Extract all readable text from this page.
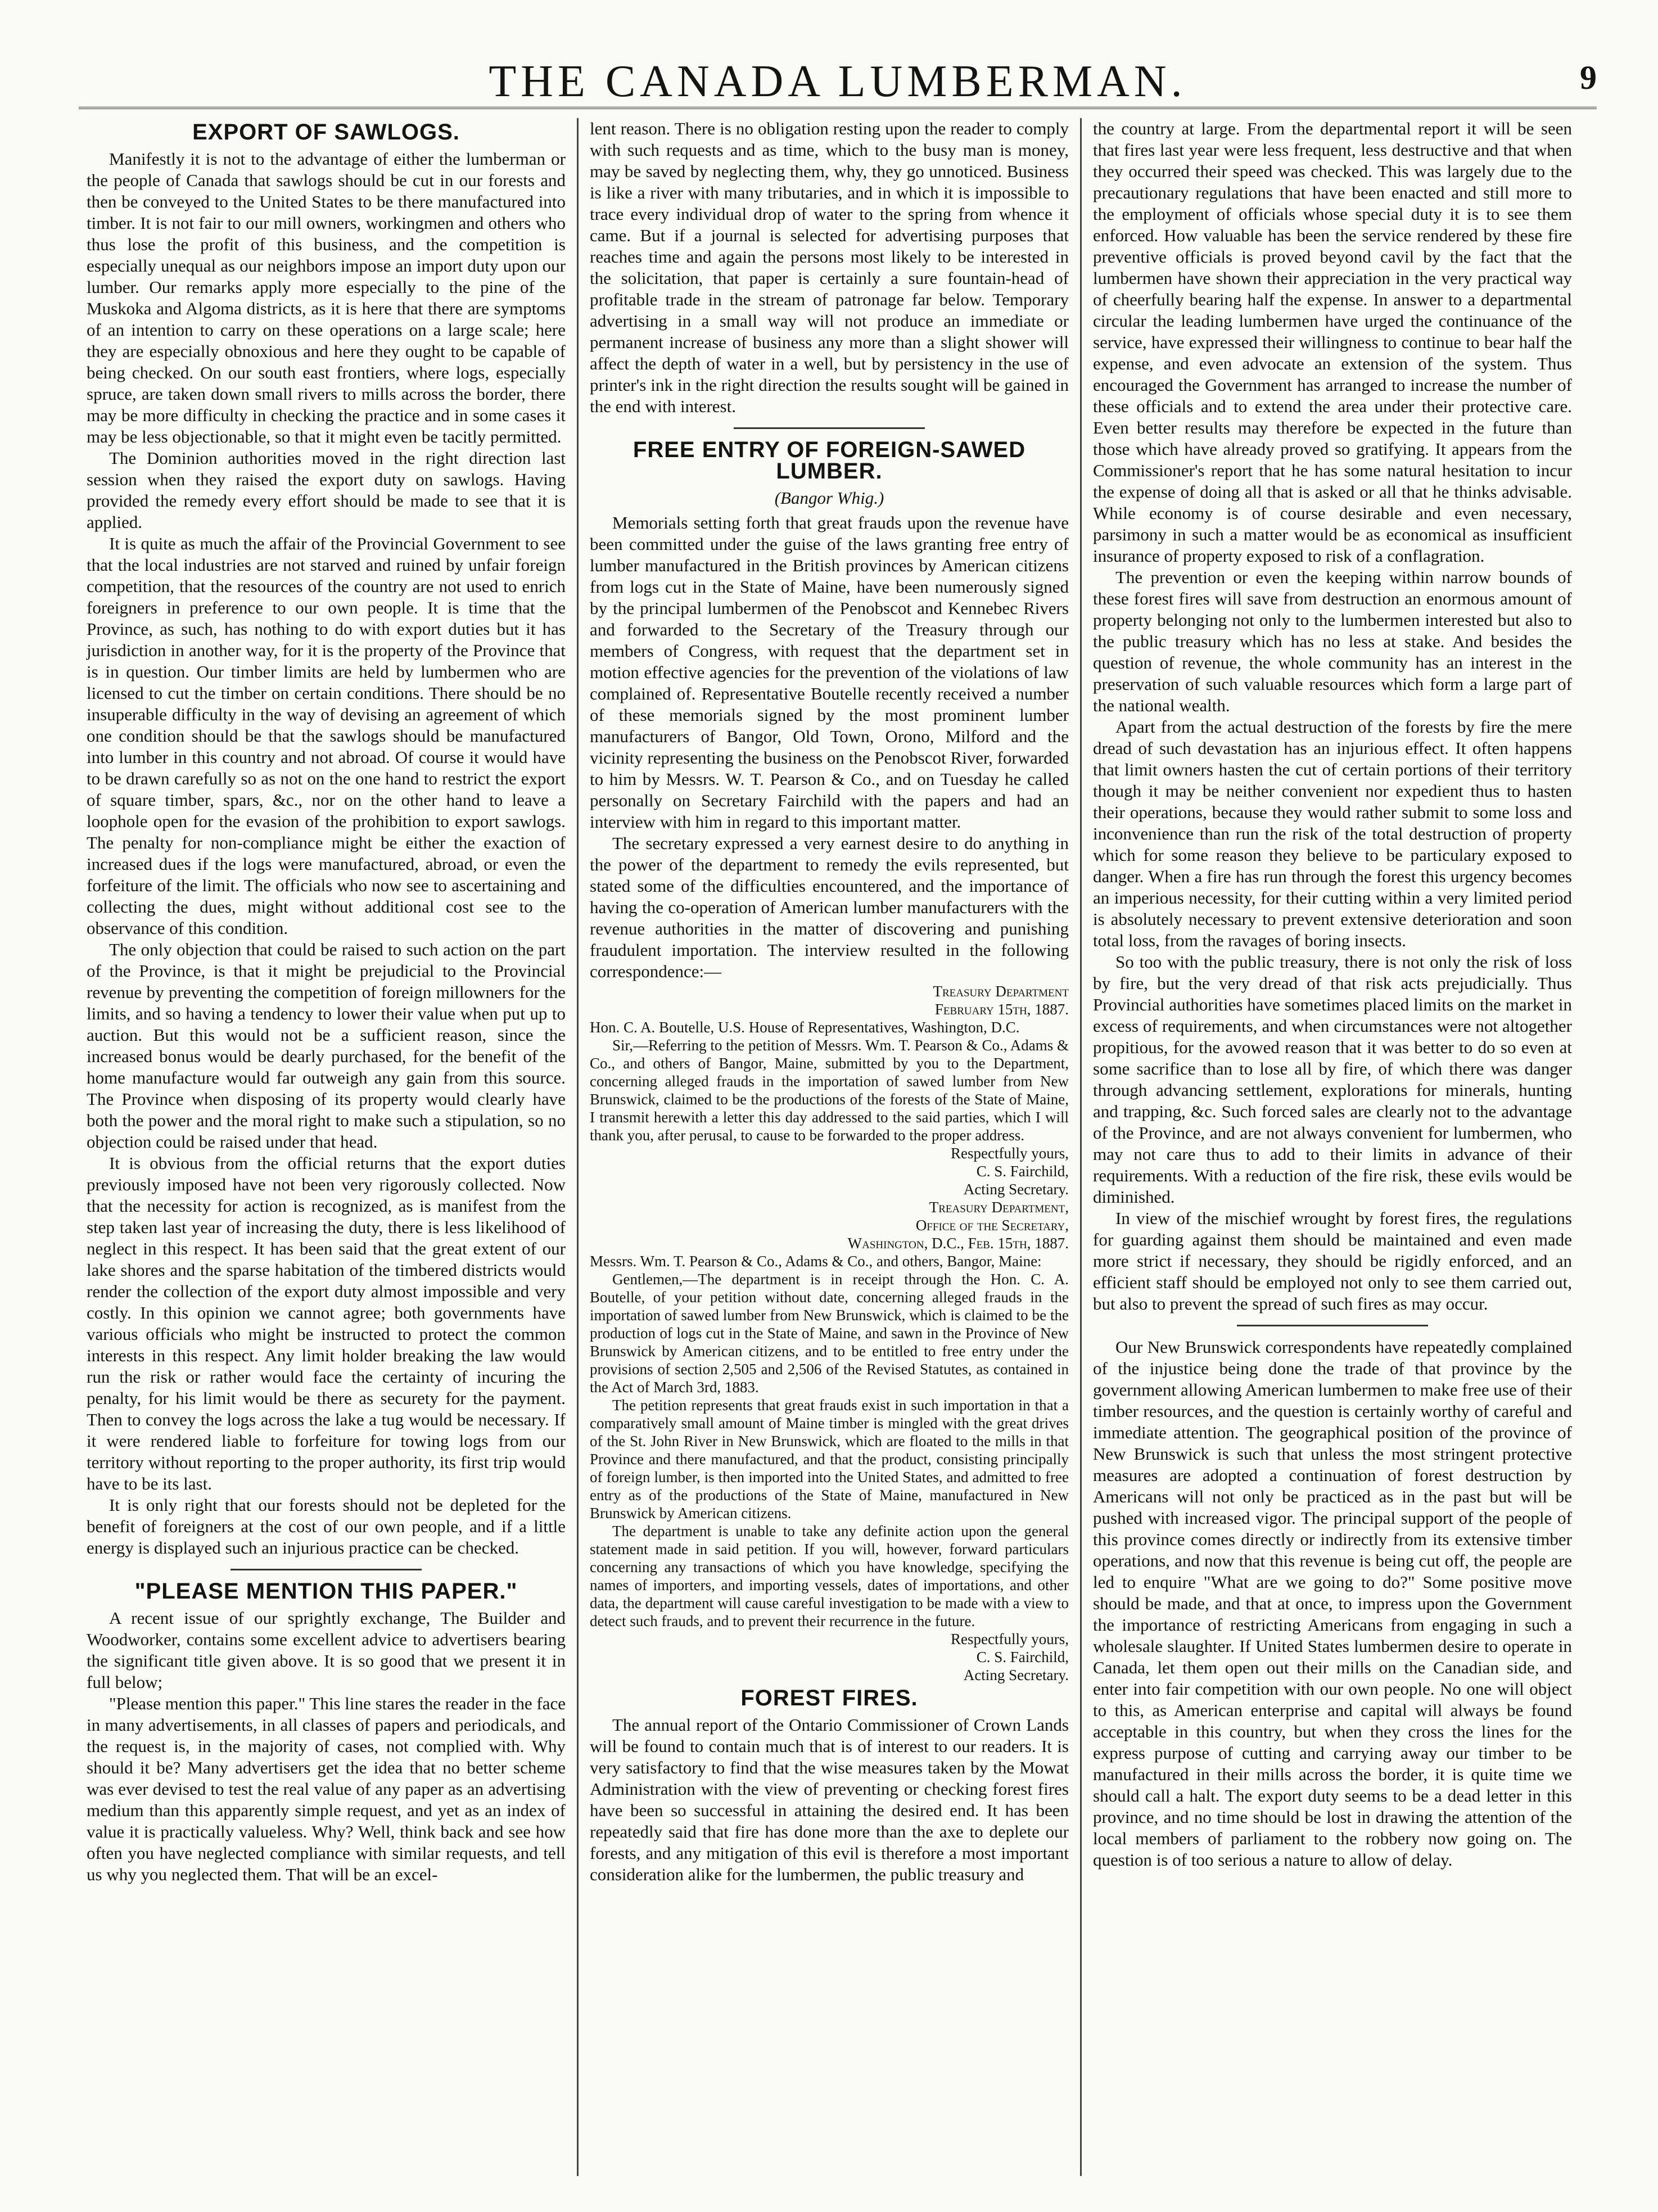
THE CANADA LUMBERMAN.	9
EXPORT OF SAWLOGS.

Manifestly it is not to the advantage of either the lumberman or the people of Canada that sawlogs should be cut in our forests and then be conveyed to the United States to be there manufactured into timber. It is not fair to our mill owners, workingmen and others who thus lose the profit of this business, and the competition is especially unequal as our neighbors impose an import duty upon our lumber. Our remarks apply more especially to the pine of the Muskoka and Algoma districts, as it is here that there are symptoms of an intention to carry on these operations on a large scale; here they are especially obnoxious and here they ought to be capable of being checked. On our south east frontiers, where logs, especially spruce, are taken down small rivers to mills across the border, there may be more difficulty in checking the practice and in some cases it may be less objectionable, so that it might even be tacitly permitted.

The Dominion authorities moved in the right direction last session when they raised the export duty on sawlogs. Having provided the remedy every effort should be made to see that it is applied.

It is quite as much the affair of the Provincial Government to see that the local industries are not starved and ruined by unfair foreign competition, that the resources of the country are not used to enrich foreigners in preference to our own people. It is time that the Province, as such, has nothing to do with export duties but it has jurisdiction in another way, for it is the property of the Province that is in question. Our timber limits are held by lumbermen who are licensed to cut the timber on certain conditions. There should be no insuperable difficulty in the way of devising an agreement of which one condition should be that the sawlogs should be manufactured into lumber in this country and not abroad. Of course it would have to be drawn carefully so as not on the one hand to restrict the export of square timber, spars, &c., nor on the other hand to leave a loophole open for the evasion of the prohibition to export sawlogs. The penalty for non-compliance might be either the exaction of increased dues if the logs were manufactured, abroad, or even the forfeiture of the limit. The officials who now see to ascertaining and collecting the dues, might without additional cost see to the observance of this condition.

The only objection that could be raised to such action on the part of the Province, is that it might be prejudicial to the Provincial revenue by preventing the competition of foreign millowners for the limits, and so having a tendency to lower their value when put up to auction. But this would not be a sufficient reason, since the increased bonus would be dearly purchased, for the benefit of the home manufacture would far outweigh any gain from this source. The Province when disposing of its property would clearly have both the power and the moral right to make such a stipulation, so no objection could be raised under that head.

It is obvious from the official returns that the export duties previously imposed have not been very rigorously collected. Now that the necessity for action is recognized, as is manifest from the step taken last year of increasing the duty, there is less likelihood of neglect in this respect. It has been said that the great extent of our lake shores and the sparse habitation of the timbered districts would render the collection of the export duty almost impossible and very costly. In this opinion we cannot agree; both governments have various officials who might be instructed to protect the common interests in this respect. Any limit holder breaking the law would run the risk or rather would face the certainty of incuring the penalty, for his limit would be there as securety for the payment. Then to convey the logs across the lake a tug would be necessary. If it were rendered liable to forfeiture for towing logs from our territory without reporting to the proper authority, its first trip would have to be its last.

It is only right that our forests should not be depleted for the benefit of foreigners at the cost of our own people, and if a little energy is displayed such an injurious practice can be checked.

"PLEASE MENTION THIS PAPER."

A recent issue of our sprightly exchange, The Builder and Woodworker, contains some excellent advice to advertisers bearing the significant title given above. It is so good that we present it in full below;

"Please mention this paper." This line stares the reader in the face in many advertisements, in all classes of papers and periodicals, and the request is, in the majority of cases, not complied with. Why should it be? Many advertisers get the idea that no better scheme was ever devised to test the real value of any paper as an advertising medium than this apparently simple request, and yet as an index of value it is practically valueless. Why? Well, think back and see how often you have neglected compliance with similar requests, and tell us why you neglected them. That will be an excel-

lent reason. There is no obligation resting upon the reader to comply with such requests and as time, which to the busy man is money, may be saved by neglecting them, why, they go unnoticed. Business is like a river with many tributaries, and in which it is impossible to trace every individual drop of water to the spring from whence it came. But if a journal is selected for advertising purposes that reaches time and again the persons most likely to be interested in the solicitation, that paper is certainly a sure fountain-head of profitable trade in the stream of patronage far below. Temporary advertising in a small way will not produce an immediate or permanent increase of business any more than a slight shower will affect the depth of water in a well, but by persistency in the use of printer's ink in the right direction the results sought will be gained in the end with interest.

FREE ENTRY OF FOREIGN-SAWED LUMBER.
(Bangor Whig.)

Memorials setting forth that great frauds upon the revenue have been committed under the guise of the laws granting free entry of lumber manufactured in the British provinces by American citizens from logs cut in the State of Maine, have been numerously signed by the principal lumbermen of the Penobscot and Kennebec Rivers and forwarded to the Secretary of the Treasury through our members of Congress, with request that the department set in motion effective agencies for the prevention of the violations of law complained of. Representative Boutelle recently received a number of these memorials signed by the most prominent lumber manufacturers of Bangor, Old Town, Orono, Milford and the vicinity representing the business on the Penobscot River, forwarded to him by Messrs. W. T. Pearson & Co., and on Tuesday he called personally on Secretary Fairchild with the papers and had an interview with him in regard to this important matter.

The secretary expressed a very earnest desire to do anything in the power of the department to remedy the evils represented, but stated some of the difficulties encountered, and the importance of having the co-operation of American lumber manufacturers with the revenue authorities in the matter of discovering and punishing fraudulent importation. The interview resulted in the following correspondence:—

Treasury Department
February 15th, 1887.

Hon. C. A. Boutelle, U.S. House of Representatives, Washington, D.C.

Sir,—Referring to the petition of Messrs. Wm. T. Pearson & Co., Adams & Co., and others of Bangor, Maine, submitted by you to the Department, concerning alleged frauds in the importation of sawed lumber from New Brunswick, claimed to be the productions of the forests of the State of Maine, I transmit herewith a letter this day addressed to the said parties, which I will thank you, after perusal, to cause to be forwarded to the proper address.

Respectfully yours,
C. S. Fairchild,
Acting Secretary.
Treasury Department,
Office of the Secretary,
Washington, D.C., Feb. 15th, 1887.

Messrs. Wm. T. Pearson & Co., Adams & Co., and others, Bangor, Maine:

Gentlemen,—The department is in receipt through the Hon. C. A. Boutelle, of your petition without date, concerning alleged frauds in the importation of sawed lumber from New Brunswick, which is claimed to be the production of logs cut in the State of Maine, and sawn in the Province of New Brunswick by American citizens, and to be entitled to free entry under the provisions of section 2,505 and 2,506 of the Revised Statutes, as contained in the Act of March 3rd, 1883.

The petition represents that great frauds exist in such importation in that a comparatively small amount of Maine timber is mingled with the great drives of the St. John River in New Brunswick, which are floated to the mills in that Province and there manufactured, and that the product, consisting principally of foreign lumber, is then imported into the United States, and admitted to free entry as of the productions of the State of Maine, manufactured in New Brunswick by American citizens.

The department is unable to take any definite action upon the general statement made in said petition. If you will, however, forward particulars concerning any transactions of which you have knowledge, specifying the names of importers, and importing vessels, dates of importations, and other data, the department will cause careful investigation to be made with a view to detect such frauds, and to prevent their recurrence in the future.

Respectfully yours,
C. S. Fairchild,
Acting Secretary.
FOREST FIRES.

The annual report of the Ontario Commissioner of Crown Lands will be found to contain much that is of interest to our readers. It is very satisfactory to find that the wise measures taken by the Mowat Administration with the view of preventing or checking forest fires have been so successful in attaining the desired end. It has been repeatedly said that fire has done more than the axe to deplete our forests, and any mitigation of this evil is therefore a most important consideration alike for the lumbermen, the public treasury and

the country at large. From the departmental report it will be seen that fires last year were less frequent, less destructive and that when they occurred their speed was checked. This was largely due to the precautionary regulations that have been enacted and still more to the employment of officials whose special duty it is to see them enforced. How valuable has been the service rendered by these fire preventive officials is proved beyond cavil by the fact that the lumbermen have shown their appreciation in the very practical way of cheerfully bearing half the expense. In answer to a departmental circular the leading lumbermen have urged the continuance of the service, have expressed their willingness to continue to bear half the expense, and even advocate an extension of the system. Thus encouraged the Government has arranged to increase the number of these officials and to extend the area under their protective care. Even better results may therefore be expected in the future than those which have already proved so gratifying. It appears from the Commissioner's report that he has some natural hesitation to incur the expense of doing all that is asked or all that he thinks advisable. While economy is of course desirable and even necessary, parsimony in such a matter would be as economical as insufficient insurance of property exposed to risk of a conflagration.

The prevention or even the keeping within narrow bounds of these forest fires will save from destruction an enormous amount of property belonging not only to the lumbermen interested but also to the public treasury which has no less at stake. And besides the question of revenue, the whole community has an interest in the preservation of such valuable resources which form a large part of the national wealth.

Apart from the actual destruction of the forests by fire the mere dread of such devastation has an injurious effect. It often happens that limit owners hasten the cut of certain portions of their territory though it may be neither convenient nor expedient thus to hasten their operations, because they would rather submit to some loss and inconvenience than run the risk of the total destruction of property which for some reason they believe to be particulary exposed to danger. When a fire has run through the forest this urgency becomes an imperious necessity, for their cutting within a very limited period is absolutely necessary to prevent extensive deterioration and soon total loss, from the ravages of boring insects.

So too with the public treasury, there is not only the risk of loss by fire, but the very dread of that risk acts prejudicially. Thus Provincial authorities have sometimes placed limits on the market in excess of requirements, and when circumstances were not altogether propitious, for the avowed reason that it was better to do so even at some sacrifice than to lose all by fire, of which there was danger through advancing settlement, explorations for minerals, hunting and trapping, &c. Such forced sales are clearly not to the advantage of the Province, and are not always convenient for lumbermen, who may not care thus to add to their limits in advance of their requirements. With a reduction of the fire risk, these evils would be diminished.

In view of the mischief wrought by forest fires, the regulations for guarding against them should be maintained and even made more strict if necessary, they should be rigidly enforced, and an efficient staff should be employed not only to see them carried out, but also to prevent the spread of such fires as may occur.

Our New Brunswick correspondents have repeatedly complained of the injustice being done the trade of that province by the government allowing American lumbermen to make free use of their timber resources, and the question is certainly worthy of careful and immediate attention. The geographical position of the province of New Brunswick is such that unless the most stringent protective measures are adopted a continuation of forest destruction by Americans will not only be practiced as in the past but will be pushed with increased vigor. The principal support of the people of this province comes directly or indirectly from its extensive timber operations, and now that this revenue is being cut off, the people are led to enquire "What are we going to do?" Some positive move should be made, and that at once, to impress upon the Government the importance of restricting Americans from engaging in such a wholesale slaughter. If United States lumbermen desire to operate in Canada, let them open out their mills on the Canadian side, and enter into fair competition with our own people. No one will object to this, as American enterprise and capital will always be found acceptable in this country, but when they cross the lines for the express purpose of cutting and carrying away our timber to be manufactured in their mills across the border, it is quite time we should call a halt. The export duty seems to be a dead letter in this province, and no time should be lost in drawing the attention of the local members of parliament to the robbery now going on. The question is of too serious a nature to allow of delay.
